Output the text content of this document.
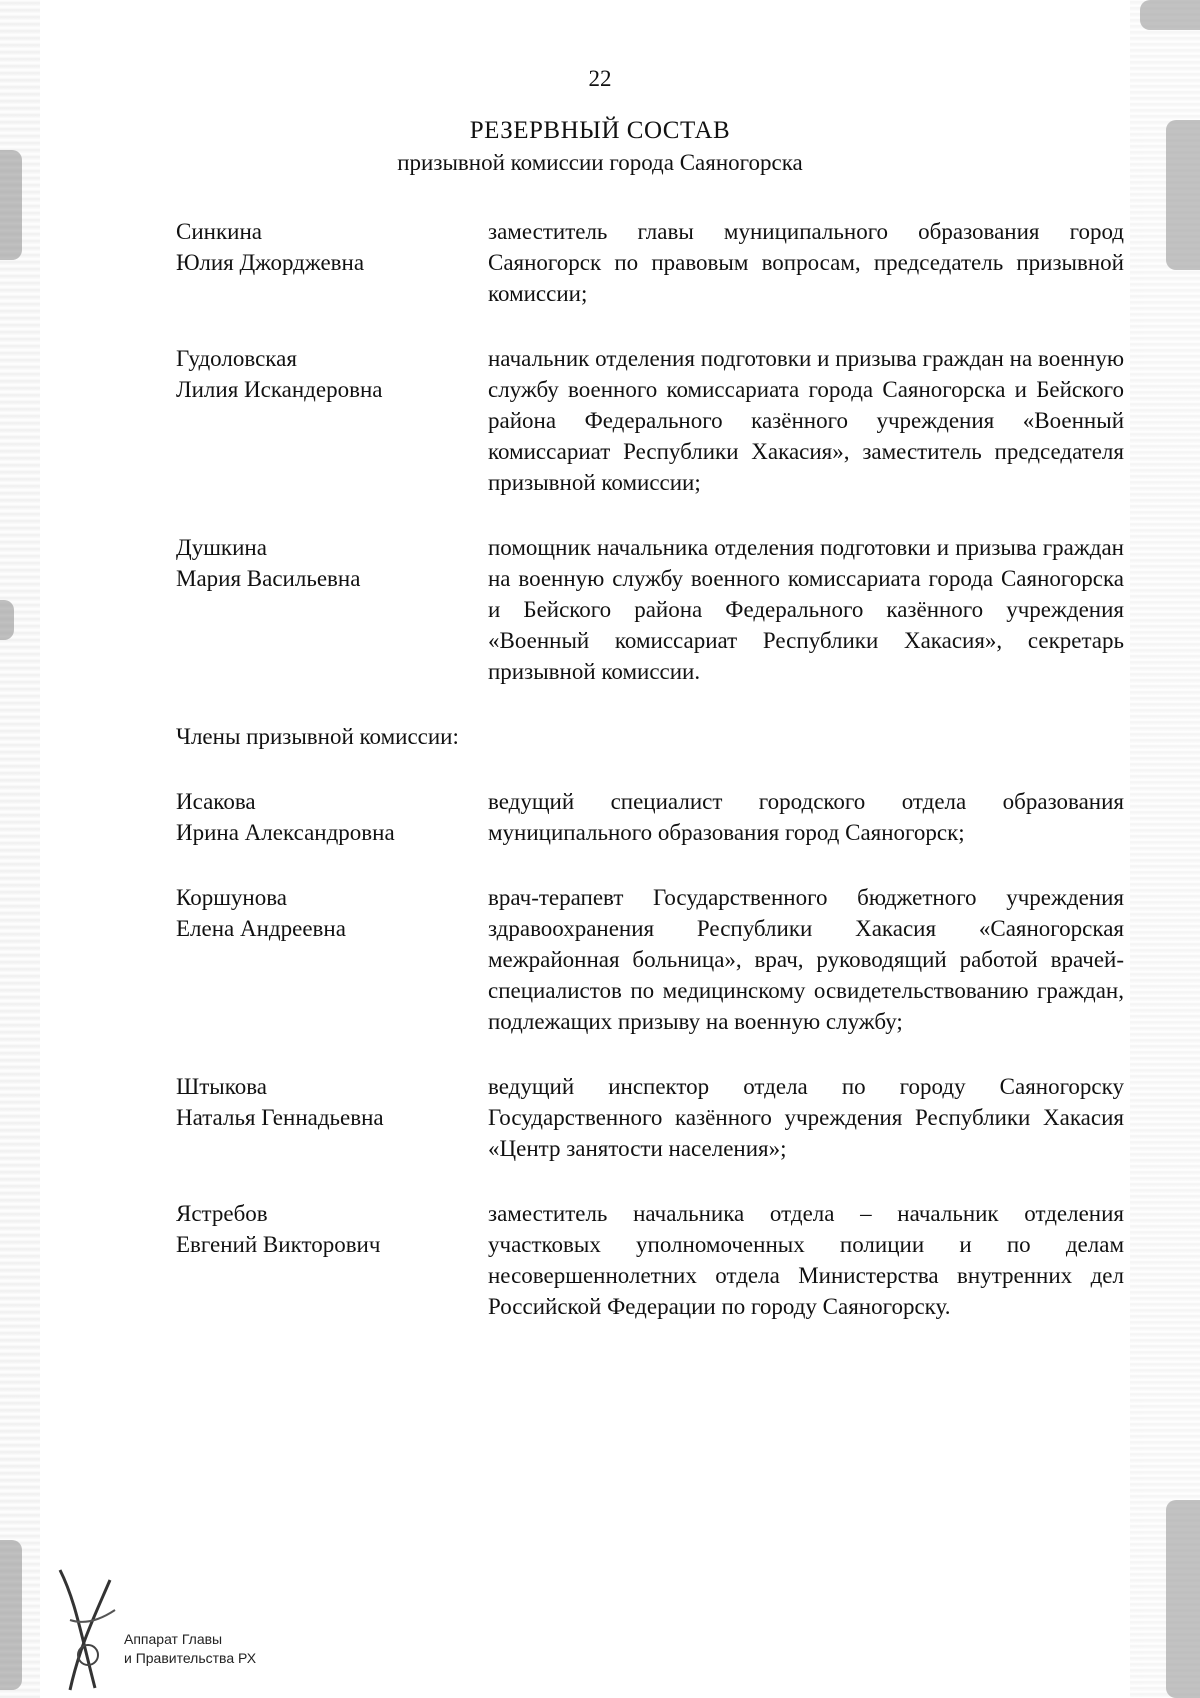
22
РЕЗЕРВНЫЙ СОСТАВ
призывной комиссии города Саяногорска
Синкина
Юлия Джорджевна
заместитель главы муниципального образования город Саяногорск по правовым вопросам, председатель призывной комиссии;
Гудоловская
Лилия Искандеровна
начальник отделения подготовки и призыва граждан на военную службу военного комиссариата города Саяногорска и Бейского района Федерального казённого учреждения «Военный комиссариат Республики Хакасия», заместитель председателя призывной комиссии;
Душкина
Мария Васильевна
помощник начальника отделения подготовки и призыва граждан на военную службу военного комиссариата города Саяногорска и Бейского района Федерального казённого учреждения «Военный комиссариат Республики Хакасия», секретарь призывной комиссии.
Члены призывной комиссии:
Исакова
Ирина Александровна
ведущий специалист городского отдела образования муниципального образования город Саяногорск;
Коршунова
Елена Андреевна
врач-терапевт Государственного бюджетного учреждения здравоохранения Республики Хакасия «Саяногорская межрайонная больница», врач, руководящий работой врачей-специалистов по медицинскому освидетельствованию граждан, подлежащих призыву на военную службу;
Штыкова
Наталья Геннадьевна
ведущий инспектор отдела по городу Саяногорску Государственного казённого учреждения Республики Хакасия «Центр занятости населения»;
Ястребов
Евгений Викторович
заместитель начальника отдела – начальник отделения участковых уполномоченных полиции и по делам несовершеннолетних отдела Министерства внутренних дел Российской Федерации по городу Саяногорску.
Аппарат Главы
и Правительства РХ
